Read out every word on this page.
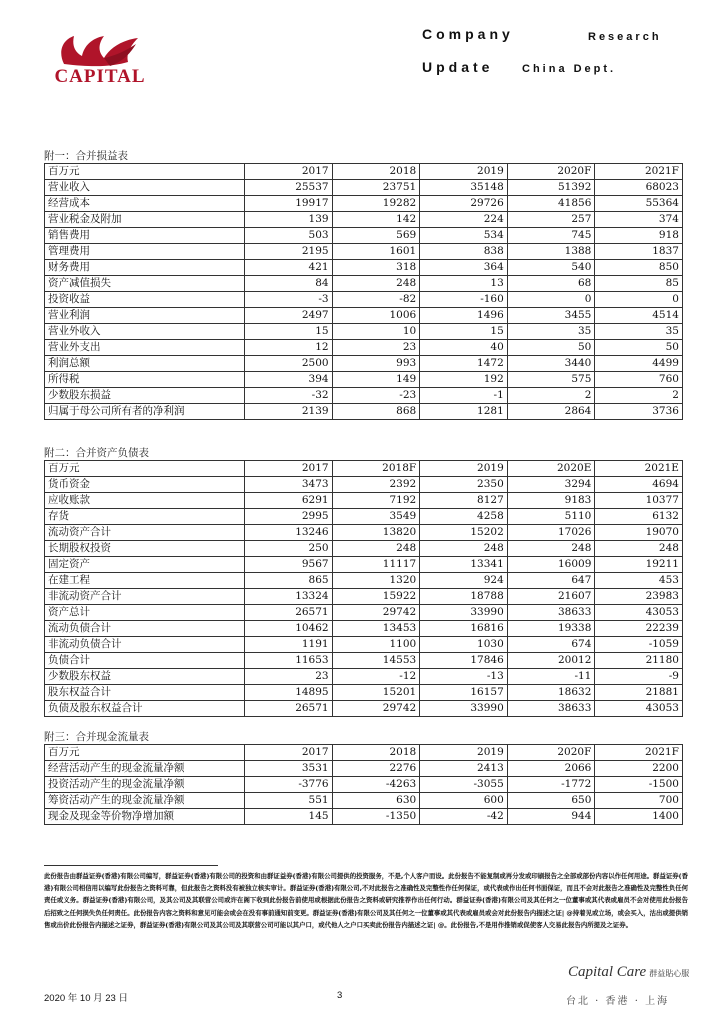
CAPITAL
Company	Research
Update	China Dept.
附一：合并损益表
百万元	2017	2018	2019	2020F	2021F
营业收入	25537	23751	35148	51392	68023
经营成本	19917	19282	29726	41856	55364
营业税金及附加	139	142	224	257	374
销售费用	503	569	534	745	918
管理费用	2195	1601	838	1388	1837
财务费用	421	318	364	540	850
资产减值损失	84	248	13	68	85
投资收益	-3	-82	-160	0	0
营业利润	2497	1006	1496	3455	4514
营业外收入	15	10	15	35	35
营业外支出	12	23	40	50	50
利润总额	2500	993	1472	3440	4499
所得税	394	149	192	575	760
少数股东损益	-32	-23	-1	2	2
归属于母公司所有者的净利润	2139	868	1281	2864	3736
附二：合并资产负债表
百万元	2017	2018F	2019	2020E	2021E
货币资金	3473	2392	2350	3294	4694
应收账款	6291	7192	8127	9183	10377
存货	2995	3549	4258	5110	6132
流动资产合计	13246	13820	15202	17026	19070
长期股权投资	250	248	248	248	248
固定资产	9567	11117	13341	16009	19211
在建工程	865	1320	924	647	453
非流动资产合计	13324	15922	18788	21607	23983
资产总计	26571	29742	33990	38633	43053
流动负债合计	10462	13453	16816	19338	22239
非流动负债合计	1191	1100	1030	674	-1059
负债合计	11653	14553	17846	20012	21180
少数股东权益	23	-12	-13	-11	-9
股东权益合计	14895	15201	16157	18632	21881
负债及股东权益合计	26571	29742	33990	38633	43053
附三：合并现金流量表
百万元	2017	2018	2019	2020F	2021F
经营活动产生的现金流量净额	3531	2276	2413	2066	2200
投资活动产生的现金流量净额	-3776	-4263	-3055	-1772	-1500
筹资活动产生的现金流量净额	551	630	600	650	700
现金及现金等价物净增加额	145	-1350	-42	944	1400
此份报告由群益证券(香港)有限公司编写，群益证券(香港)有限公司的投资和由群证益券(香港)有限公司提供的投资服务，不是,个人客户而设。此份报告不能复制或再分发或印刷报告之全部或部份内容以作任何用途。群益证券(香港)有限公司相信用以编写此份报告之资料可靠，但此报告之资料没有被独立核实审计。群益证券(香港)有限公司,不对此报告之准确性及完整性作任何保证，或代表或作出任何书面保证，而且不会对此报告之准确性及完整性负任何责任或义务。群益证券(香港)有限公司，及其公司及其联营公司或许在阁下收到此份报告前使用或根据此份报告之资料或研究推荐作出任何行动。群益证券(香港)有限公司及其任何之一位董事或其代表或雇员不会对使用此份报告后招致之任何损失负任何责任。此份报告内容之资料和意见可能会或会在没有事前通知前变更。群益证券(香港)有限公司及其任何之一位董事或其代表或雇员或会对此份报告内描述之证| @持着见或立场，或会买入，沽出或提供销售或出价此份报告内描述之证券，群益证券(香港)有限公司及其公司及其联营公司可能以其户口，或代他人之户口买卖此份报告内描述之证| @。此份报告,不是用作推销或促使客人交易此报告内所提及之证券。
Capital Care 群益貼心服
台北 · 香港 · 上海
2020 年 10 月 23 日	3
